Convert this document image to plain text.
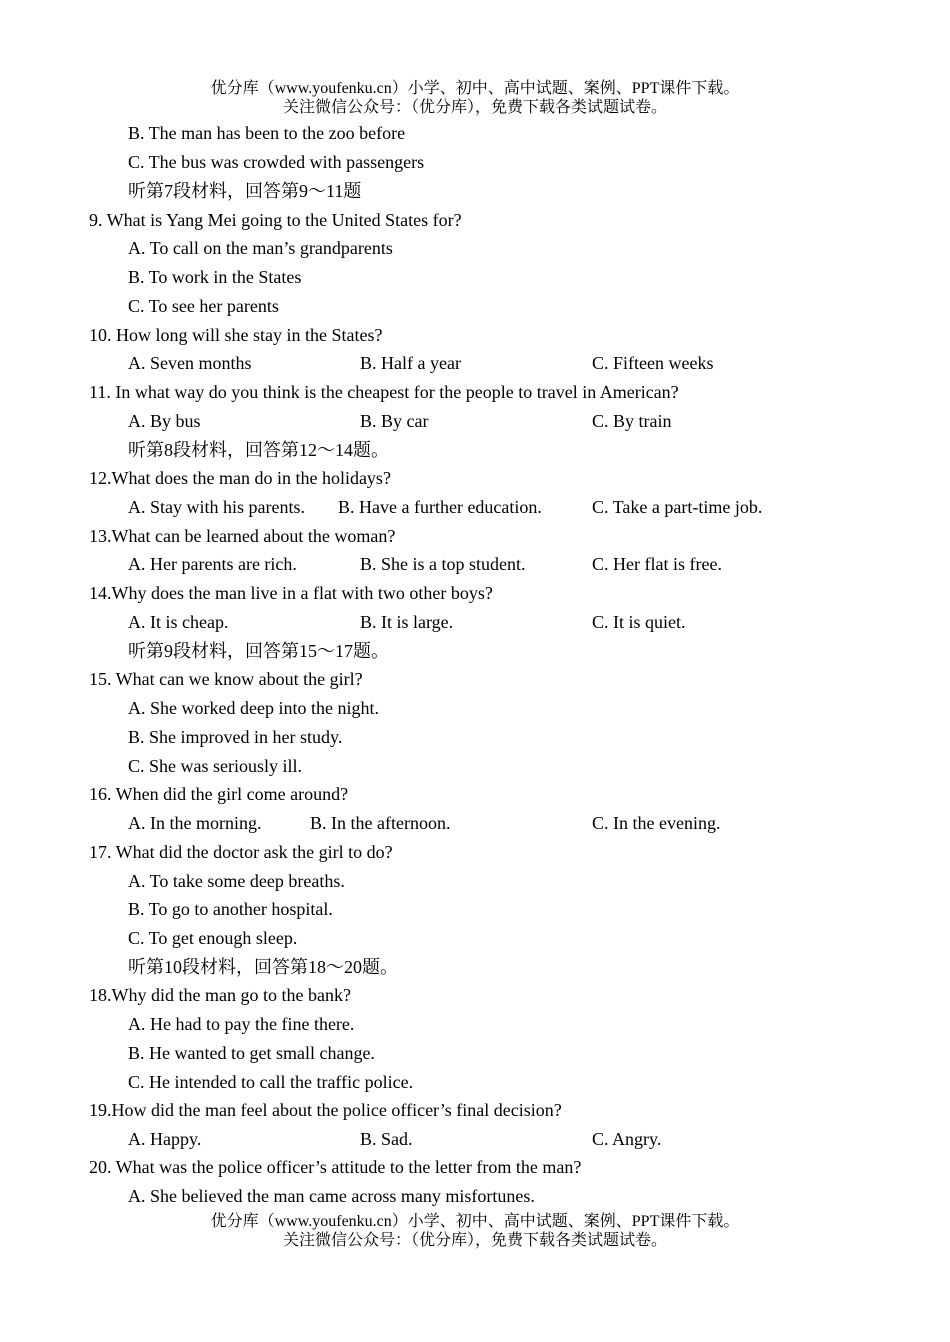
优分库（www.youfenku.cn）小学、初中、高中试题、案例、PPT课件下载。
关注微信公众号：（优分库），免费下载各类试题试卷。
B. The man has been to the zoo before
C. The bus was crowded with passengers
听第7段材料，回答第9～11题
9. What is Yang Mei going to the United States for?
A. To call on the man’s grandparents
B. To work in the States
C. To see her parents
10. How long will she stay in the States?
A. Seven months	B. Half a year	C. Fifteen weeks
11. In what way do you think is the cheapest for the people to travel in American?
A. By bus	B. By car	C. By train
听第8段材料，回答第12～14题。
12.What does the man do in the holidays?
A. Stay with his parents. B. Have a further education.	C. Take a part-time job.
13.What can be learned about the woman?
A. Her parents are rich.	B. She is a top student.	C. Her flat is free.
14.Why does the man live in a flat with two other boys?
A. It is cheap.	B. It is large.	C. It is quiet.
听第9段材料，回答第15～17题。
15. What can we know about the girl?
A. She worked deep into the night.
B. She improved in her study.
C. She was seriously ill.
16. When did the girl come around?
A. In the morning.	B. In the afternoon.	C. In the evening.
17. What did the doctor ask the girl to do?
A. To take some deep breaths.
B. To go to another hospital.
C. To get enough sleep.
听第10段材料，回答第18～20题。
18.Why did the man go to the bank?
A. He had to pay the fine there.
B. He wanted to get small change.
C. He intended to call the traffic police.
19.How did the man feel about the police officer’s final decision?
A. Happy.	B. Sad.	C. Angry.
20. What was the police officer’s attitude to the letter from the man?
A. She believed the man came across many misfortunes.
优分库（www.youfenku.cn）小学、初中、高中试题、案例、PPT课件下载。
关注微信公众号：（优分库），免费下载各类试题试卷。
